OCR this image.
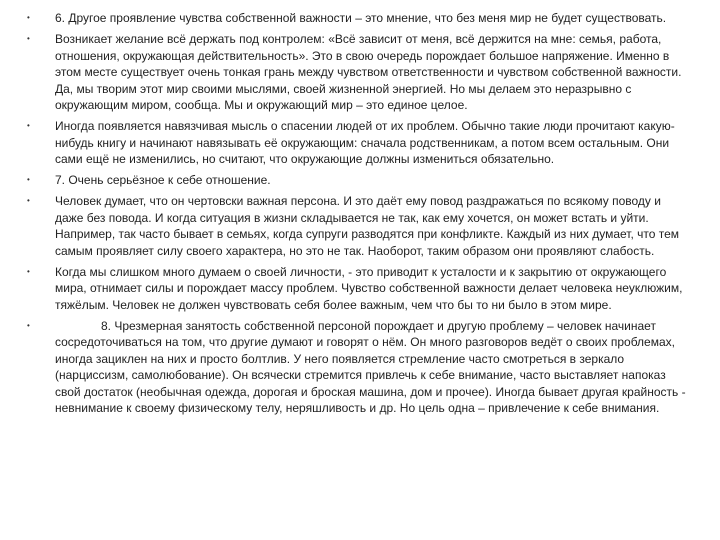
• 6. Другое проявление чувства собственной важности – это мнение, что без меня мир не будет существовать.
• Возникает желание всё держать под контролем: «Всё зависит от меня, всё держится на мне: семья, работа, отношения, окружающая действительность». Это в свою очередь порождает большое напряжение. Именно в этом месте существует очень тонкая грань между чувством ответственности и чувством собственной важности. Да, мы творим этот мир своими мыслями, своей жизненной энергией. Но мы делаем это неразрывно с окружающим миром, сообща. Мы и окружающий мир – это единое целое.
• Иногда появляется навязчивая мысль о спасении людей от их проблем. Обычно такие люди прочитают какую-нибудь книгу и начинают навязывать её окружающим: сначала родственникам, а потом всем остальным. Они сами ещё не изменились, но считают, что окружающие должны измениться обязательно.
• 7. Очень серьёзное к себе отношение.
• Человек думает, что он чертовски важная персона. И это даёт ему повод раздражаться по всякому поводу и даже без повода. И когда ситуация в жизни складывается не так, как ему хочется, он может встать и уйти. Например, так часто бывает в семьях, когда супруги разводятся при конфликте. Каждый из них думает, что тем самым проявляет силу своего характера, но это не так. Наоборот, таким образом они проявляют слабость.
• Когда мы слишком много думаем о своей личности, - это приводит к усталости и к закрытию от окружающего мира, отнимает силы и порождает массу проблем. Чувство собственной важности делает человека неуклюжим, тяжёлым. Человек не должен чувствовать себя более важным, чем что бы то ни было в этом мире.
•	8. Чрезмерная занятость собственной персоной порождает и другую проблему – человек начинает сосредоточиваться на том, что другие думают и говорят о нём. Он много разговоров ведёт о своих проблемах, иногда зациклен на них и просто болтлив. У него появляется стремление часто смотреться в зеркало (нарциссизм, самолюбование). Он всячески стремится привлечь к себе внимание, часто выставляет напоказ свой достаток (необычная одежда, дорогая и броская машина, дом и прочее). Иногда бывает другая крайность - невнимание к своему физическому телу, неряшливость и др. Но цель одна – привлечение к себе внимания.
